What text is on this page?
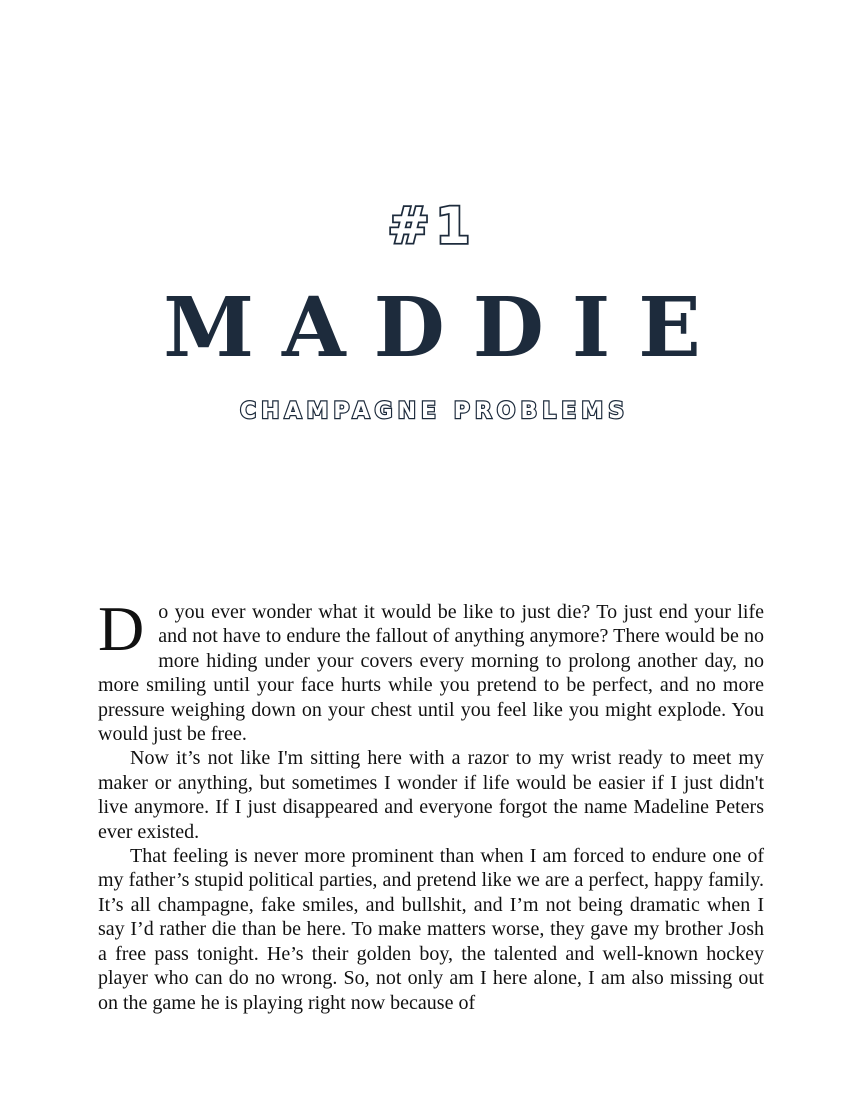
#1
MADDIE
CHAMPAGNE PROBLEMS

Do you ever wonder what it would be like to just die? To just end your life and not have to endure the fallout of anything anymore? There would be no more hiding under your covers every morning to prolong another day, no more smiling until your face hurts while you pretend to be perfect, and no more pressure weighing down on your chest until you feel like you might explode. You would just be free.

Now it’s not like I'm sitting here with a razor to my wrist ready to meet my maker or anything, but sometimes I wonder if life would be easier if I just didn't live anymore. If I just disappeared and everyone forgot the name Madeline Peters ever existed.

That feeling is never more prominent than when I am forced to endure one of my father’s stupid political parties, and pretend like we are a perfect, happy family. It’s all champagne, fake smiles, and bullshit, and I’m not being dramatic when I say I’d rather die than be here. To make matters worse, they gave my brother Josh a free pass tonight. He’s their golden boy, the talented and well-known hockey player who can do no wrong. So, not only am I here alone, I am also missing out on the game he is playing right now because of
